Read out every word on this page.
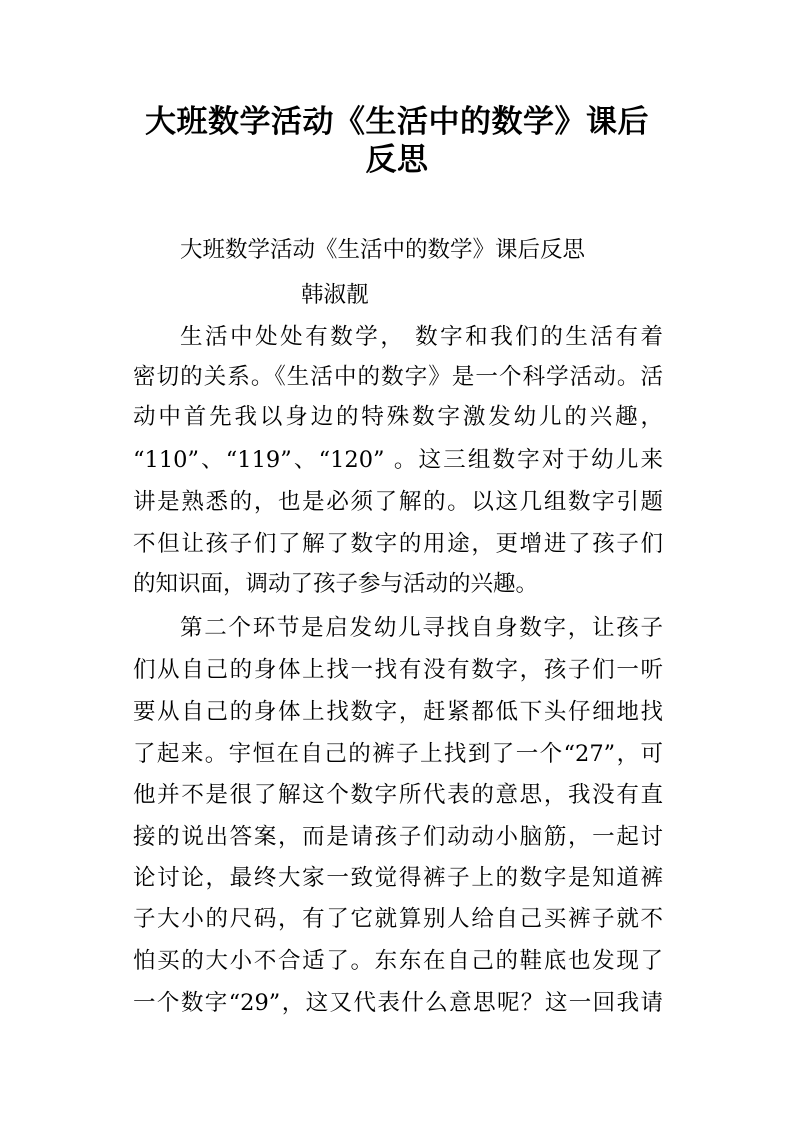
大班数学活动《生活中的数学》课后
反思
大班数学活动《生活中的数学》课后反思
韩淑靓
生活中处处有数学， 数字和我们的生活有着
密切的关系。《生活中的数字》是一个科学活动。活
动中首先我以身边的特殊数字激发幼儿的兴趣，
“110”、“119”、“120” 。这三组数字对于幼儿来
讲是熟悉的，也是必须了解的。以这几组数字引题
不但让孩子们了解了数字的用途，更增进了孩子们
的知识面，调动了孩子参与活动的兴趣。
第二个环节是启发幼儿寻找自身数字，让孩子
们从自己的身体上找一找有没有数字，孩子们一听
要从自己的身体上找数字，赶紧都低下头仔细地找
了起来。宇恒在自己的裤子上找到了一个“27”，可
他并不是很了解这个数字所代表的意思，我没有直
接的说出答案，而是请孩子们动动小脑筋，一起讨
论讨论，最终大家一致觉得裤子上的数字是知道裤
子大小的尺码，有了它就算别人给自己买裤子就不
怕买的大小不合适了。东东在自己的鞋底也发现了
一个数字“29”，这又代表什么意思呢？这一回我请
